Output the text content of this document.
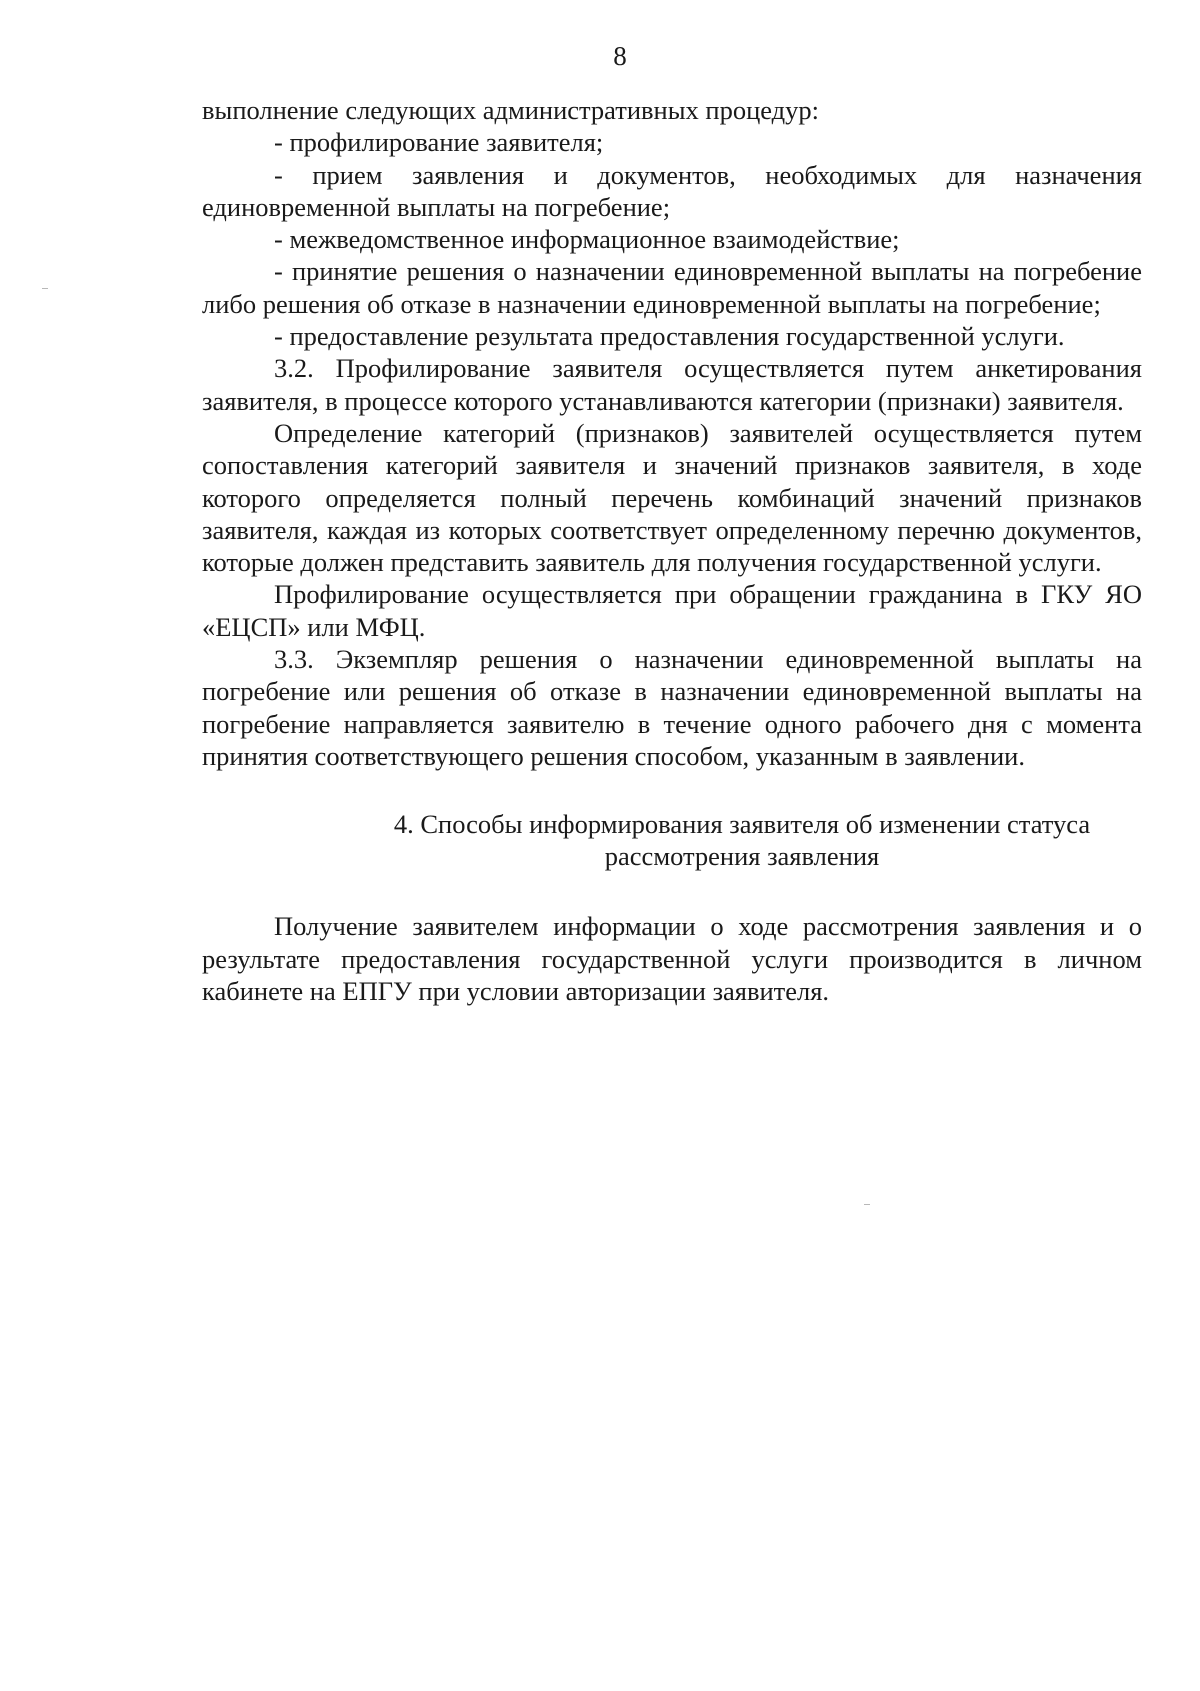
8

выполнение следующих административных процедур:

- профилирование заявителя;

- прием заявления и документов, необходимых для назначения единовременной выплаты на погребение;

- межведомственное информационное взаимодействие;

- принятие решения о назначении единовременной выплаты на погребение либо решения об отказе в назначении единовременной выплаты на погребение;

- предоставление результата предоставления государственной услуги.

3.2. Профилирование заявителя осуществляется путем анкетирования заявителя, в процессе которого устанавливаются категории (признаки) заявителя.

Определение категорий (признаков) заявителей осуществляется путем сопоставления категорий заявителя и значений признаков заявителя, в ходе которого определяется полный перечень комбинаций значений признаков заявителя, каждая из которых соответствует определенному перечню документов, которые должен представить заявитель для получения государственной услуги.

Профилирование осуществляется при обращении гражданина в ГКУ ЯО «ЕЦСП» или МФЦ.

3.3. Экземпляр решения о назначении единовременной выплаты на погребение или решения об отказе в назначении единовременной выплаты на погребение направляется заявителю в течение одного рабочего дня с момента принятия соответствующего решения способом, указанным в заявлении.

4. Способы информирования заявителя об изменении статуса
рассмотрения заявления

Получение заявителем информации о ходе рассмотрения заявления и о результате предоставления государственной услуги производится в личном кабинете на ЕПГУ при условии авторизации заявителя.
